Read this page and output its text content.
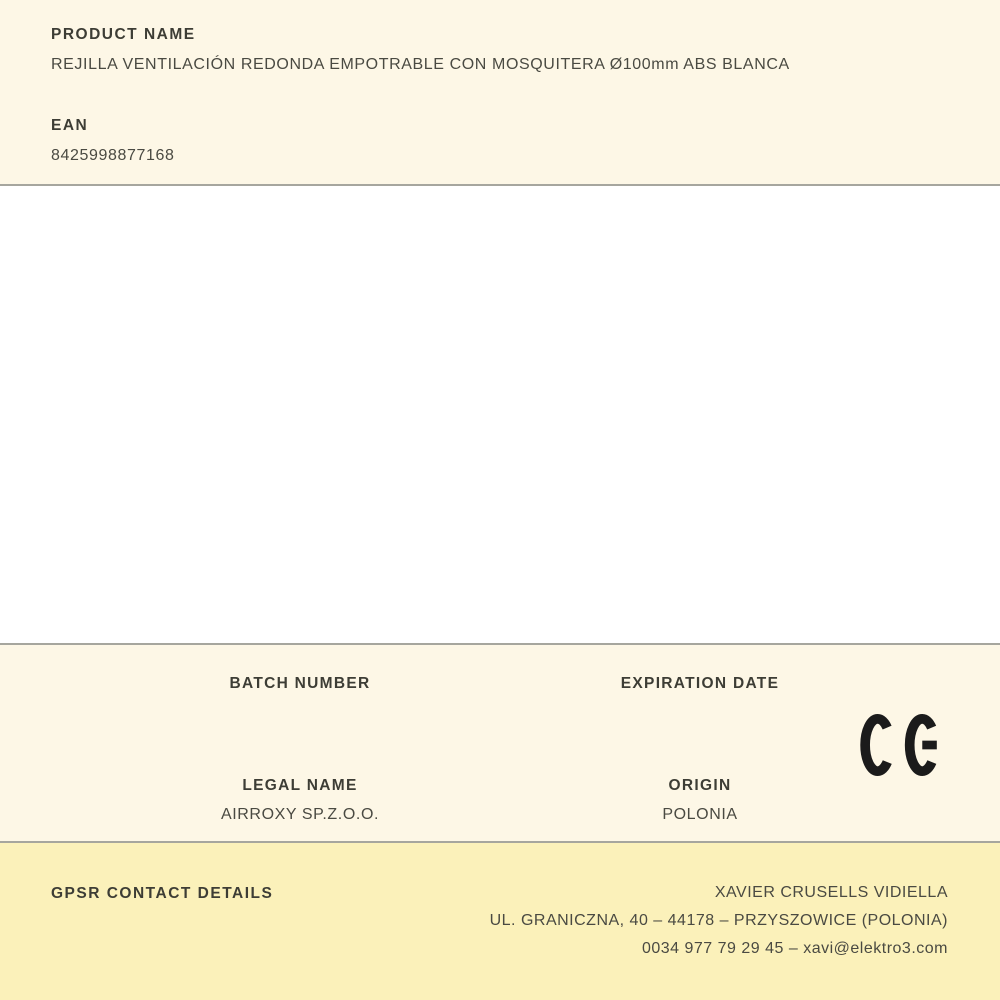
PRODUCT NAME
REJILLA VENTILACIÓN REDONDA EMPOTRABLE CON MOSQUITERA Ø100mm ABS BLANCA
EAN
8425998877168
BATCH NUMBER	EXPIRATION DATE
LEGAL NAME
AIRROXY SP.Z.O.O.
ORIGIN
POLONIA
GPSR CONTACT DETAILS	XAVIER CRUSELLS VIDIELLA
UL. GRANICZNA, 40 – 44178 – PRZYSZOWICE (POLONIA)
0034 977 79 29 45 – xavi@elektro3.com
